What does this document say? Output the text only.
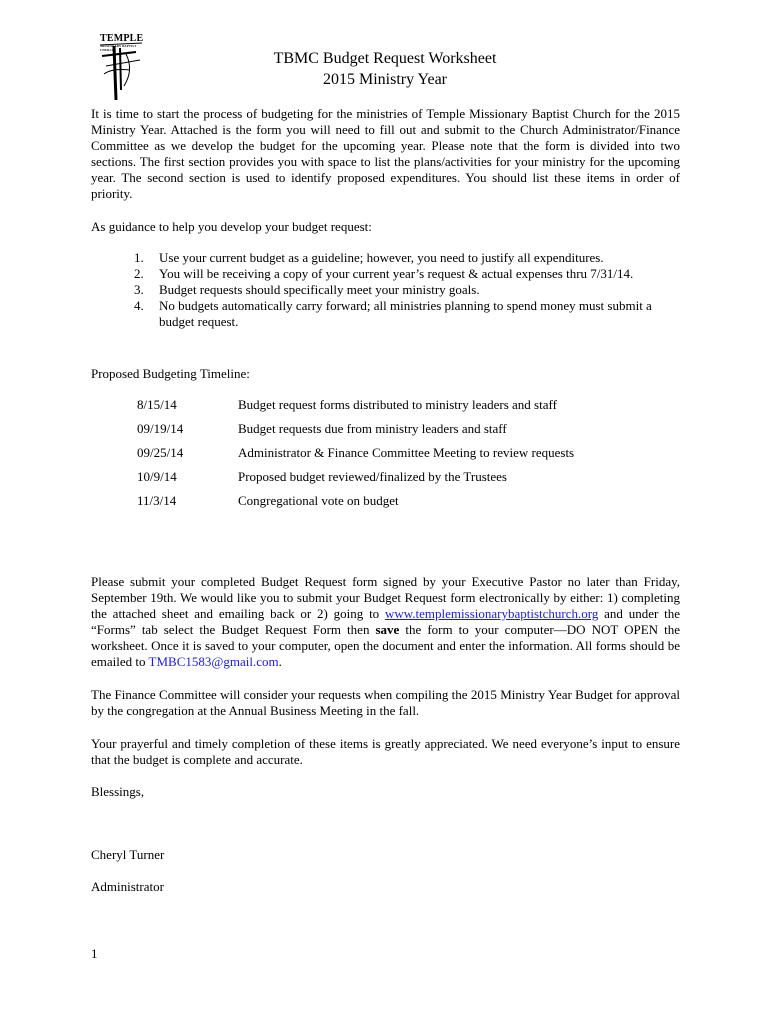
TEMPLE
MISSIONARY BAPTIST CHURCH	TBMC Budget Request Worksheet
2015 Ministry Year
It is time to start the process of budgeting for the ministries of Temple Missionary Baptist Church for the 2015 Ministry Year. Attached is the form you will need to fill out and submit to the Church Administrator/Finance Committee as we develop the budget for the upcoming year. Please note that the form is divided into two sections. The first section provides you with space to list the plans/activities for your ministry for the upcoming year. The second section is used to identify proposed expenditures. You should list these items in order of priority.
As guidance to help you develop your budget request:
1. Use your current budget as a guideline; however, you need to justify all expenditures.
2. You will be receiving a copy of your current year’s request & actual expenses thru 7/31/14.
3. Budget requests should specifically meet your ministry goals.
4. No budgets automatically carry forward; all ministries planning to spend money must submit a budget request.
Proposed Budgeting Timeline:
8/15/14	Budget request forms distributed to ministry leaders and staff
09/19/14	Budget requests due from ministry leaders and staff
09/25/14	Administrator & Finance Committee Meeting to review requests
10/9/14	Proposed budget reviewed/finalized by the Trustees
11/3/14	Congregational vote on budget
Please submit your completed Budget Request form signed by your Executive Pastor no later than Friday, September 19th. We would like you to submit your Budget Request form electronically by either: 1) completing the attached sheet and emailing back or 2) going to www.templemissionarybaptistchurch.org and under the “Forms” tab select the Budget Request Form then save the form to your computer—DO NOT OPEN the worksheet. Once it is saved to your computer, open the document and enter the information. All forms should be emailed to TMBC1583@gmail.com.
The Finance Committee will consider your requests when compiling the 2015 Ministry Year Budget for approval by the congregation at the Annual Business Meeting in the fall.
Your prayerful and timely completion of these items is greatly appreciated. We need everyone’s input to ensure that the budget is complete and accurate.
Blessings,
Cheryl Turner
Administrator
1
